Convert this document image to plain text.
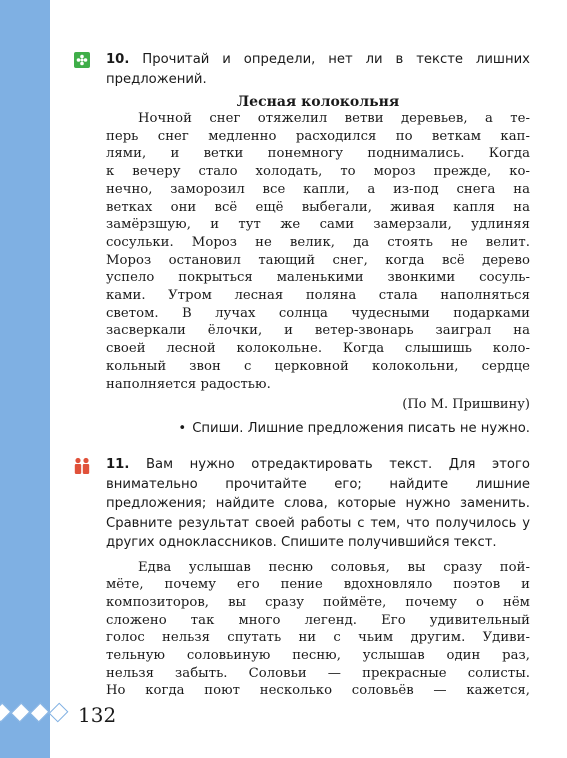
10. Прочитай и определи, нет ли в тексте лишних предложений.

Лесная колокольня
Ночной снег отяжелил ветви деревьев, а те-
перь снег медленно расходился по веткам кап-
лями, и ветки понемногу поднимались. Когда
к вечеру стало холодать, то мороз прежде, ко-
нечно, заморозил все капли, а из-под снега на
ветках они всё ещё выбегали, живая капля на
замёрзшую, и тут же сами замерзали, удлиняя
сосульки. Мороз не велик, да стоять не велит.
Мороз остановил тающий снег, когда всё дерево
успело покрыться маленькими звонкими сосуль-
ками. Утром лесная поляна стала наполняться
светом. В лучах солнца чудесными подарками
засверкали ёлочки, и ветер-звонарь заиграл на
своей лесной колокольне. Когда слышишь коло-
кольный звон с церковной колокольни, сердце
наполняется радостью.
(По М. Пришвину)
• Спиши. Лишние предложения писать не нужно.

11. Вам нужно отредактировать текст. Для этого внимательно прочитайте его; найдите лишние предложения; найдите слова, которые нужно заменить. Сравните результат своей работы с тем, что получилось у других одноклассников. Спишите получившийся текст.

Едва услышав песню соловья, вы сразу пой-
мёте, почему его пение вдохновляло поэтов и
композиторов, вы сразу поймёте, почему о нём
сложено так много легенд. Его удивительный
голос нельзя спутать ни с чьим другим. Удиви-
тельную соловьиную песню, услышав один раз,
нельзя забыть. Соловьи — прекрасные солисты.
Но когда поют несколько соловьёв — кажется,
132
